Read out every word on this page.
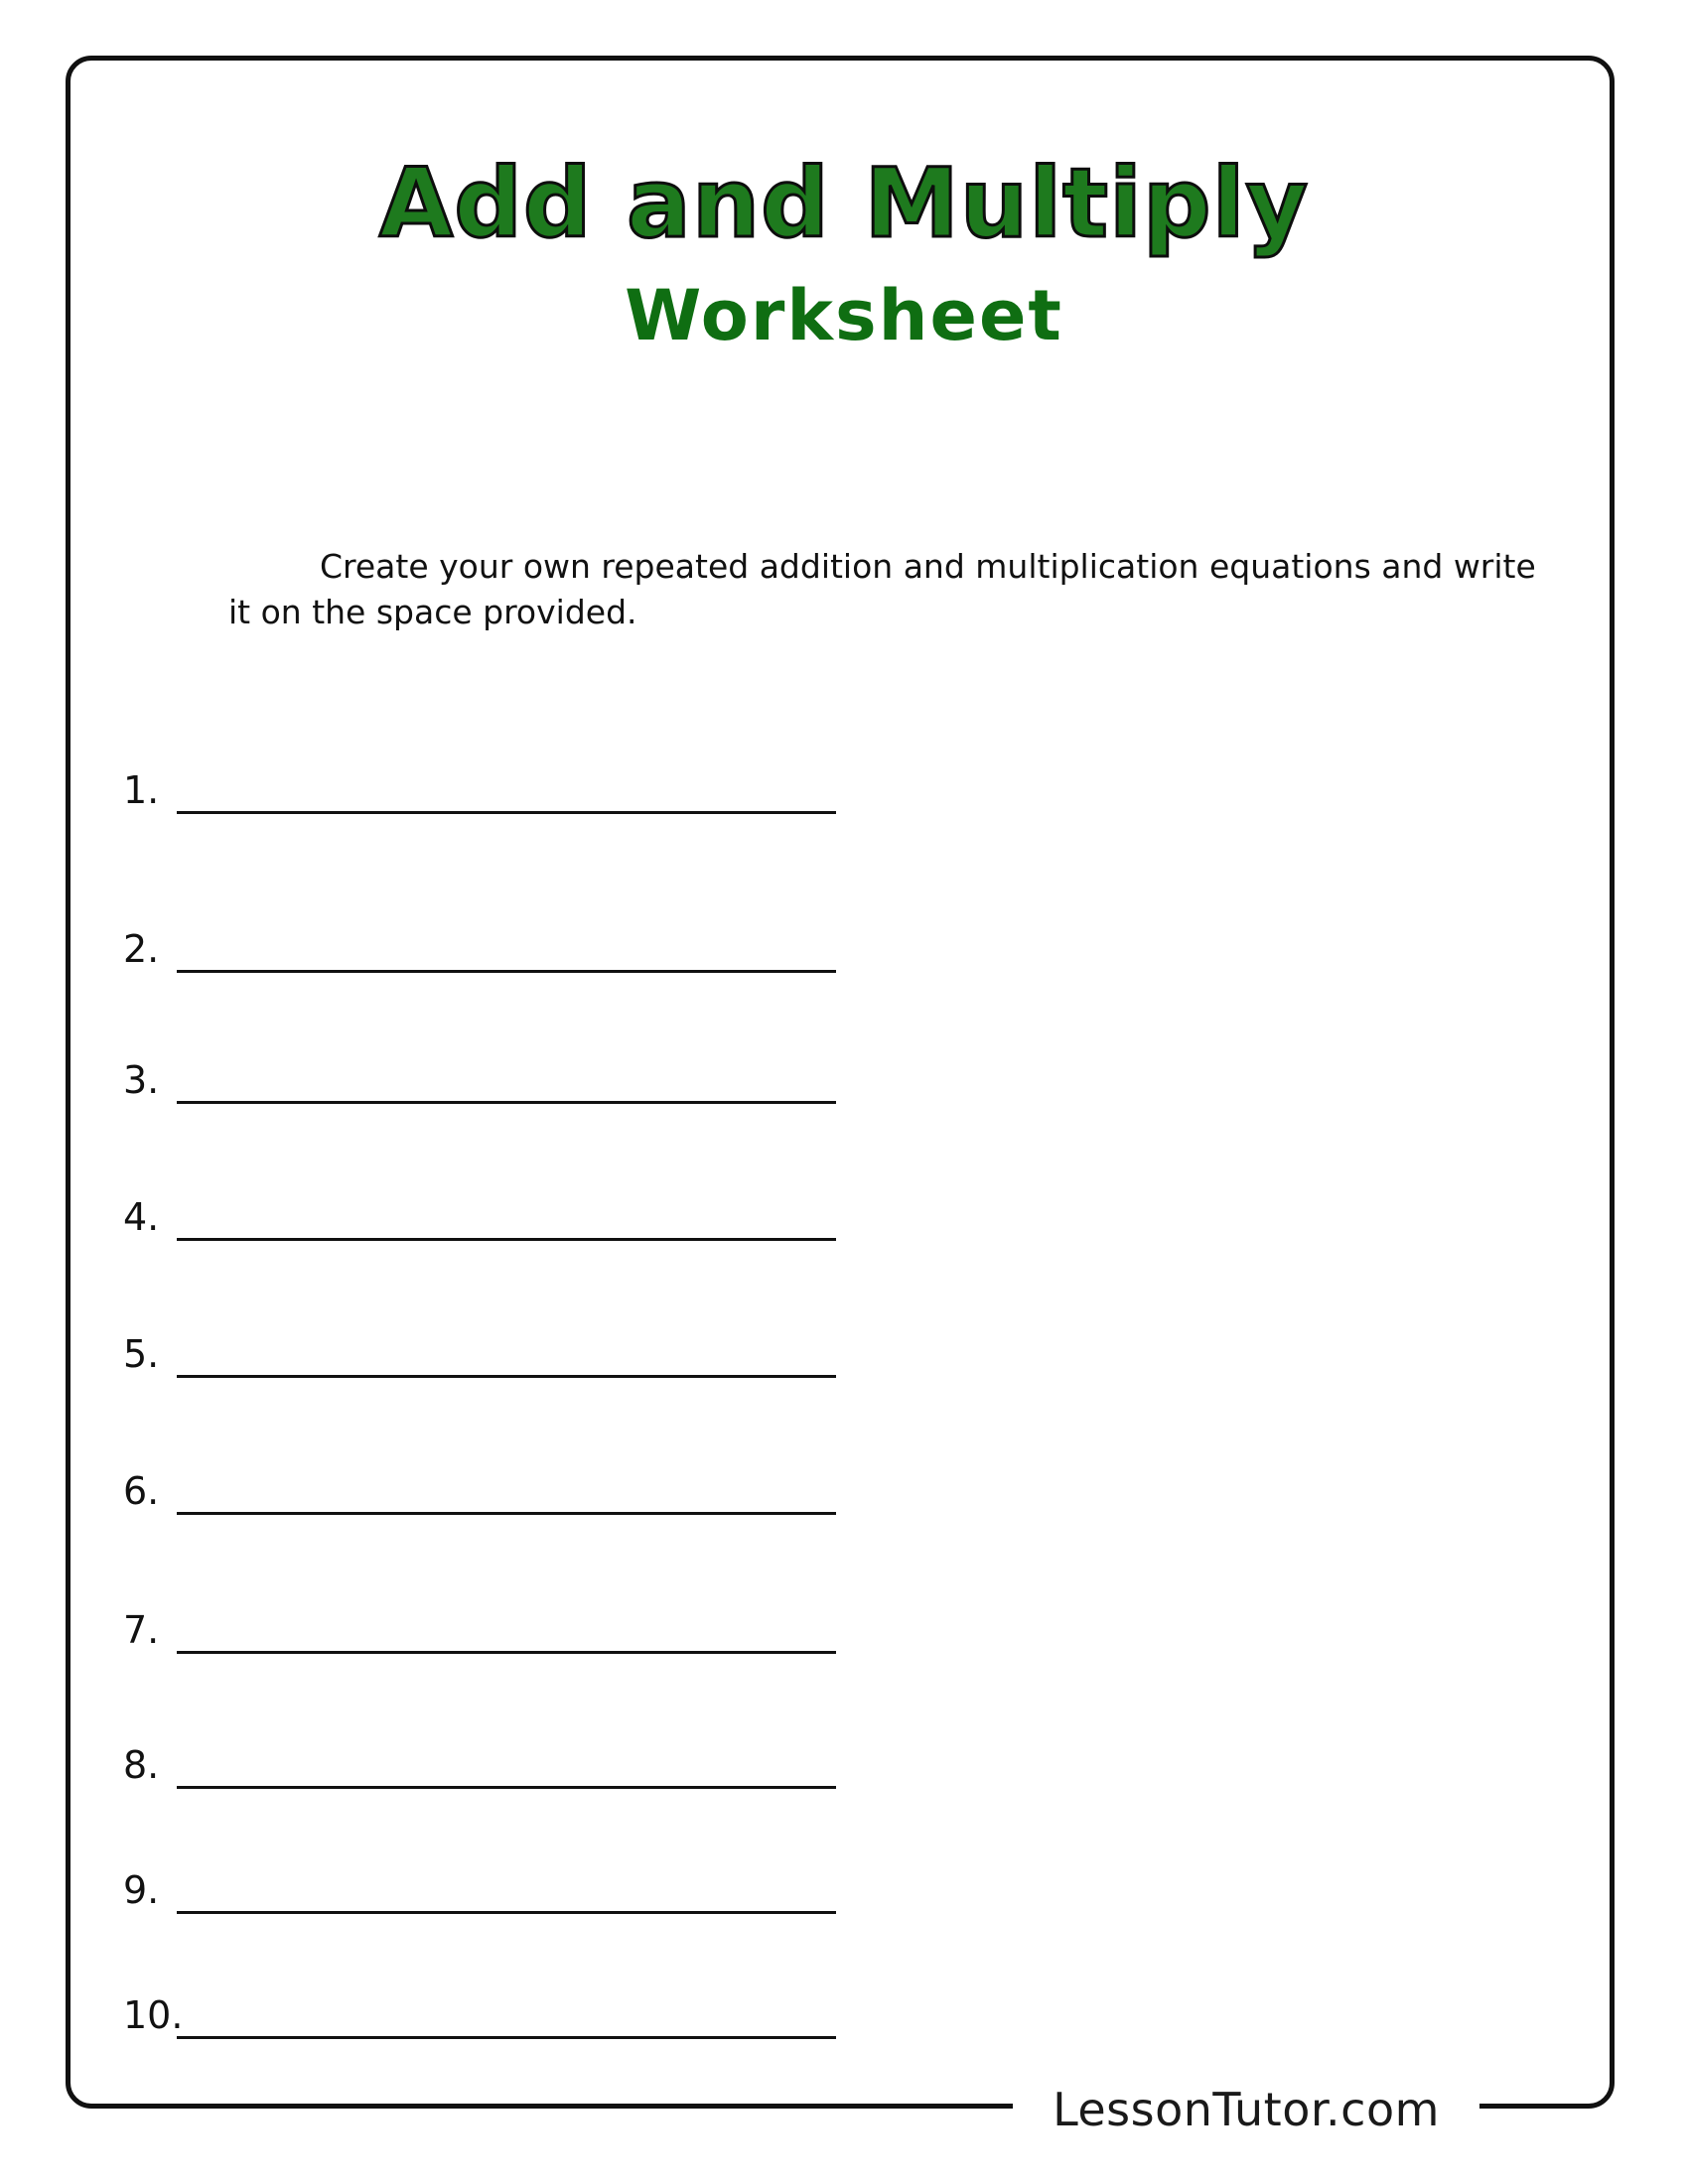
Add and Multiply
Worksheet
Create your own repeated addition and multiplication equations and write it on the space provided.
1.
2.
3.
4.
5.
6.
7.
8.
9.
10.
LessonTutor.com
